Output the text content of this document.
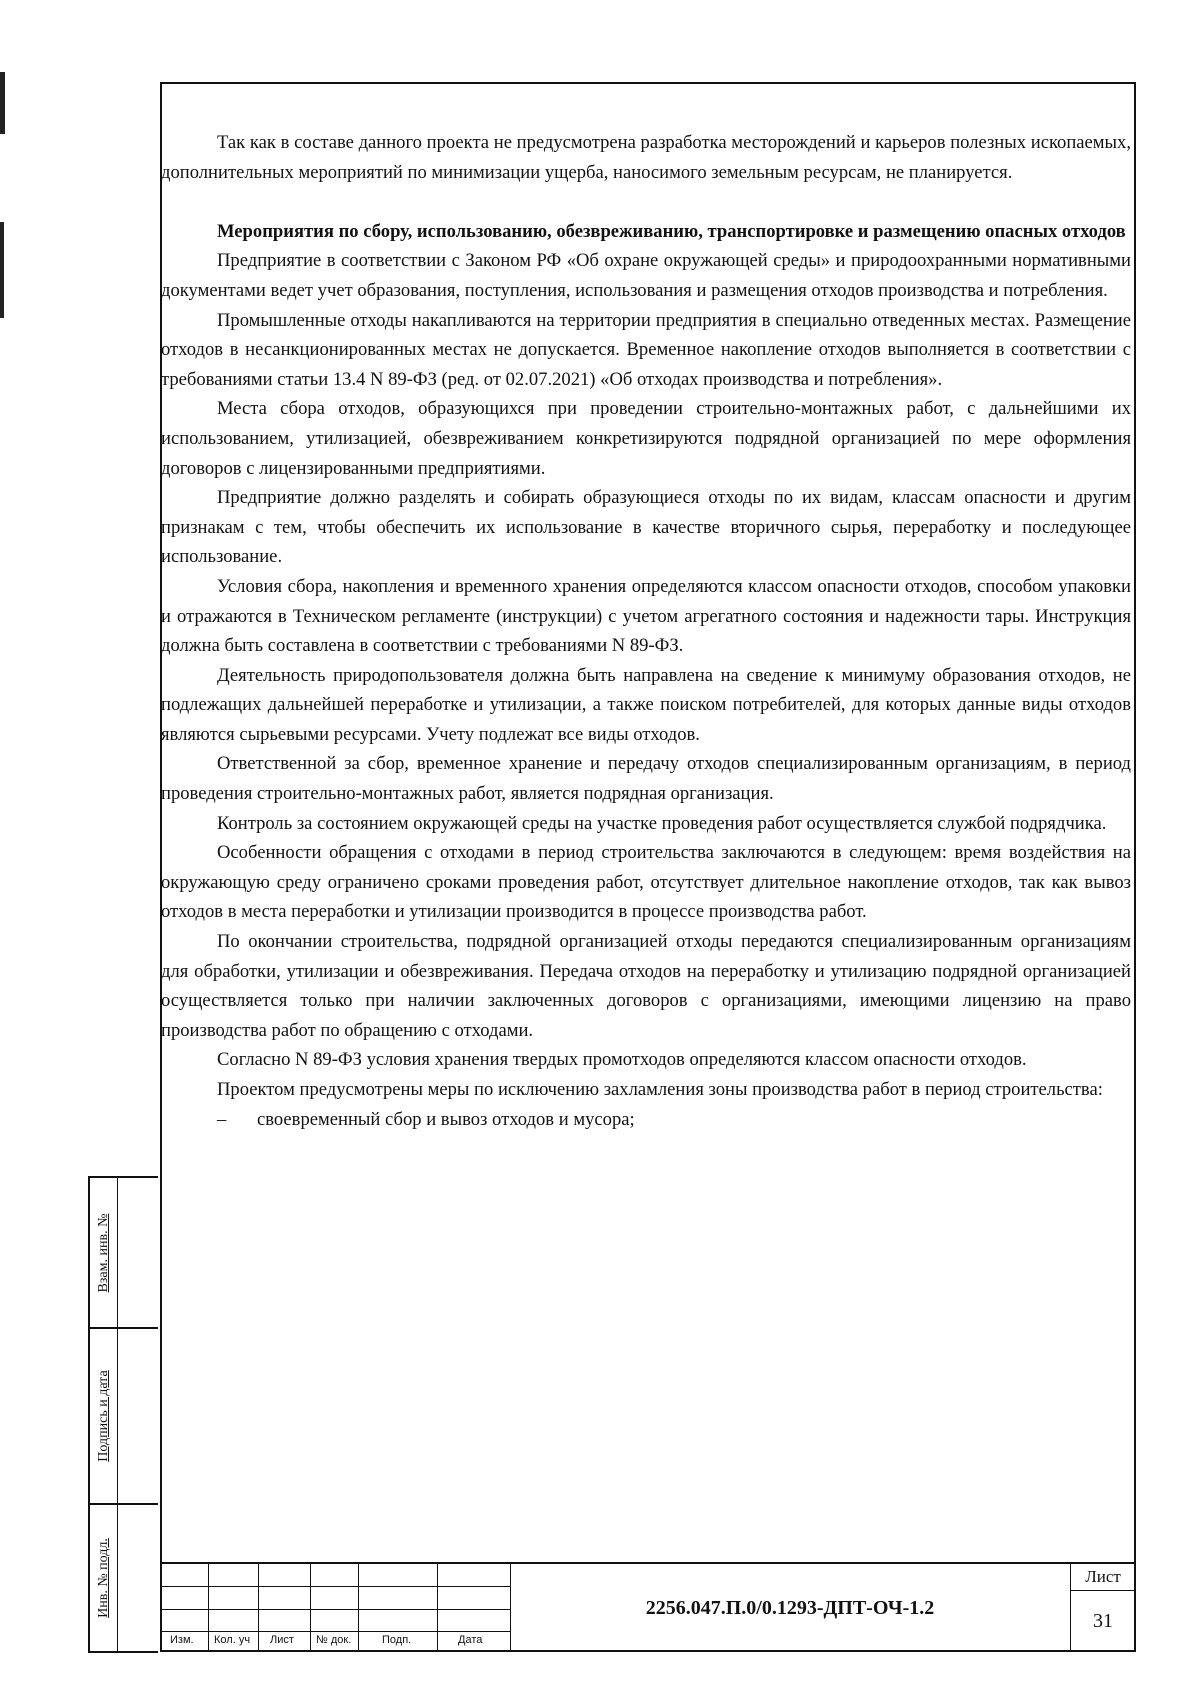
Так как в составе данного проекта не предусмотрена разработка месторождений и карьеров полезных ископаемых, дополнительных мероприятий по минимизации ущерба, наносимого земельным ресурсам, не планируется.

Мероприятия по сбору, использованию, обезвреживанию, транспортировке и размещению опасных отходов

Предприятие в соответствии с Законом РФ «Об охране окружающей среды» и природоохранными нормативными документами ведет учет образования, поступления, использования и размещения отходов производства и потребления.

Промышленные отходы накапливаются на территории предприятия в специально отведенных местах. Размещение отходов в несанкционированных местах не допускается. Временное накопление отходов выполняется в соответствии с требованиями статьи 13.4 N 89-ФЗ (ред. от 02.07.2021) «Об отходах производства и потребления».

Места сбора отходов, образующихся при проведении строительно-монтажных работ, с дальнейшими их использованием, утилизацией, обезвреживанием конкретизируются подрядной организацией по мере оформления договоров с лицензированными предприятиями.

Предприятие должно разделять и собирать образующиеся отходы по их видам, классам опасности и другим признакам с тем, чтобы обеспечить их использование в качестве вторичного сырья, переработку и последующее использование.

Условия сбора, накопления и временного хранения определяются классом опасности отходов, способом упаковки и отражаются в Техническом регламенте (инструкции) с учетом агрегатного состояния и надежности тары. Инструкция должна быть составлена в соответствии с требованиями N 89-ФЗ.

Деятельность природопользователя должна быть направлена на сведение к минимуму образования отходов, не подлежащих дальнейшей переработке и утилизации, а также поиском потребителей, для которых данные виды отходов являются сырьевыми ресурсами. Учету подлежат все виды отходов.

Ответственной за сбор, временное хранение и передачу отходов специализированным организациям, в период проведения строительно-монтажных работ, является подрядная организация.

Контроль за состоянием окружающей среды на участке проведения работ осуществляется службой подрядчика.

Особенности обращения с отходами в период строительства заключаются в следующем: время воздействия на окружающую среду ограничено сроками проведения работ, отсутствует длительное накопление отходов, так как вывоз отходов в места переработки и утилизации производится в процессе производства работ.

По окончании строительства, подрядной организацией отходы передаются специализированным организациям для обработки, утилизации и обезвреживания. Передача отходов на переработку и утилизацию подрядной организацией осуществляется только при наличии заключенных договоров с организациями, имеющими лицензию на право производства работ по обращению с отходами.

Согласно N 89-ФЗ условия хранения твердых промотходов определяются классом опасности отходов.

Проектом предусмотрены меры по исключению захламления зоны производства работ в период строительства:

– своевременный сбор и вывоз отходов и мусора;
Взам. инв. №
Подпись и дата
Инв. № подл.
Изм. Кол. уч Лист № док.	Подп.	Дата
2256.047.П.0/0.1293-ДПТ-ОЧ-1.2
Лист
31
